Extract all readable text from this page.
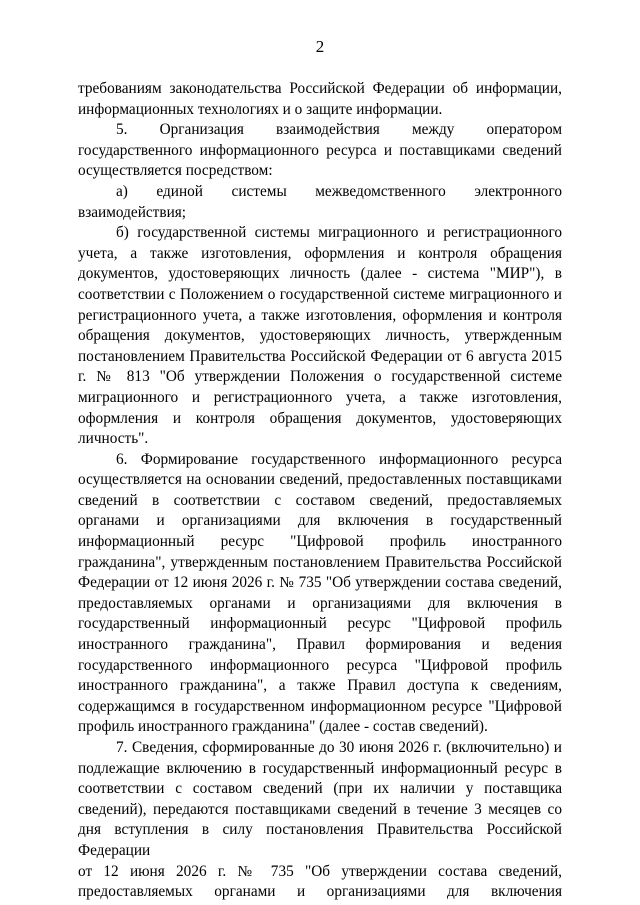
2

требованиям законодательства Российской Федерации об информации, информационных технологиях и о защите информации.

5. Организация взаимодействия между оператором государственного информационного ресурса и поставщиками сведений осуществляется посредством:

а) единой системы межведомственного электронного взаимодействия;

б) государственной системы миграционного и регистрационного учета, а также изготовления, оформления и контроля обращения документов, удостоверяющих личность (далее - система "МИР"), в соответствии с Положением о государственной системе миграционного и регистрационного учета, а также изготовления, оформления и контроля обращения документов, удостоверяющих личность, утвержденным постановлением Правительства Российской Федерации от 6 августа 2015 г. № 813 "Об утверждении Положения о государственной системе миграционного и регистрационного учета, а также изготовления, оформления и контроля обращения документов, удостоверяющих личность".

6. Формирование государственного информационного ресурса осуществляется на основании сведений, предоставленных поставщиками сведений в соответствии с составом сведений, предоставляемых органами и организациями для включения в государственный информационный ресурс "Цифровой профиль иностранного гражданина", утвержденным постановлением Правительства Российской Федерации от 12 июня 2026 г. № 735 "Об утверждении состава сведений, предоставляемых органами и организациями для включения в государственный информационный ресурс "Цифровой профиль иностранного гражданина", Правил формирования и ведения государственного информационного ресурса "Цифровой профиль иностранного гражданина", а также Правил доступа к сведениям, содержащимся в государственном информационном ресурсе "Цифровой профиль иностранного гражданина" (далее - состав сведений).

7. Сведения, сформированные до 30 июня 2026 г. (включительно) и подлежащие включению в государственный информационный ресурс в соответствии с составом сведений (при их наличии у поставщика сведений), передаются поставщиками сведений в течение 3 месяцев со дня вступления в силу постановления Правительства Российской Федерации

от 12 июня 2026 г. № 735 "Об утверждении состава сведений, предоставляемых органами и организациями для включения
